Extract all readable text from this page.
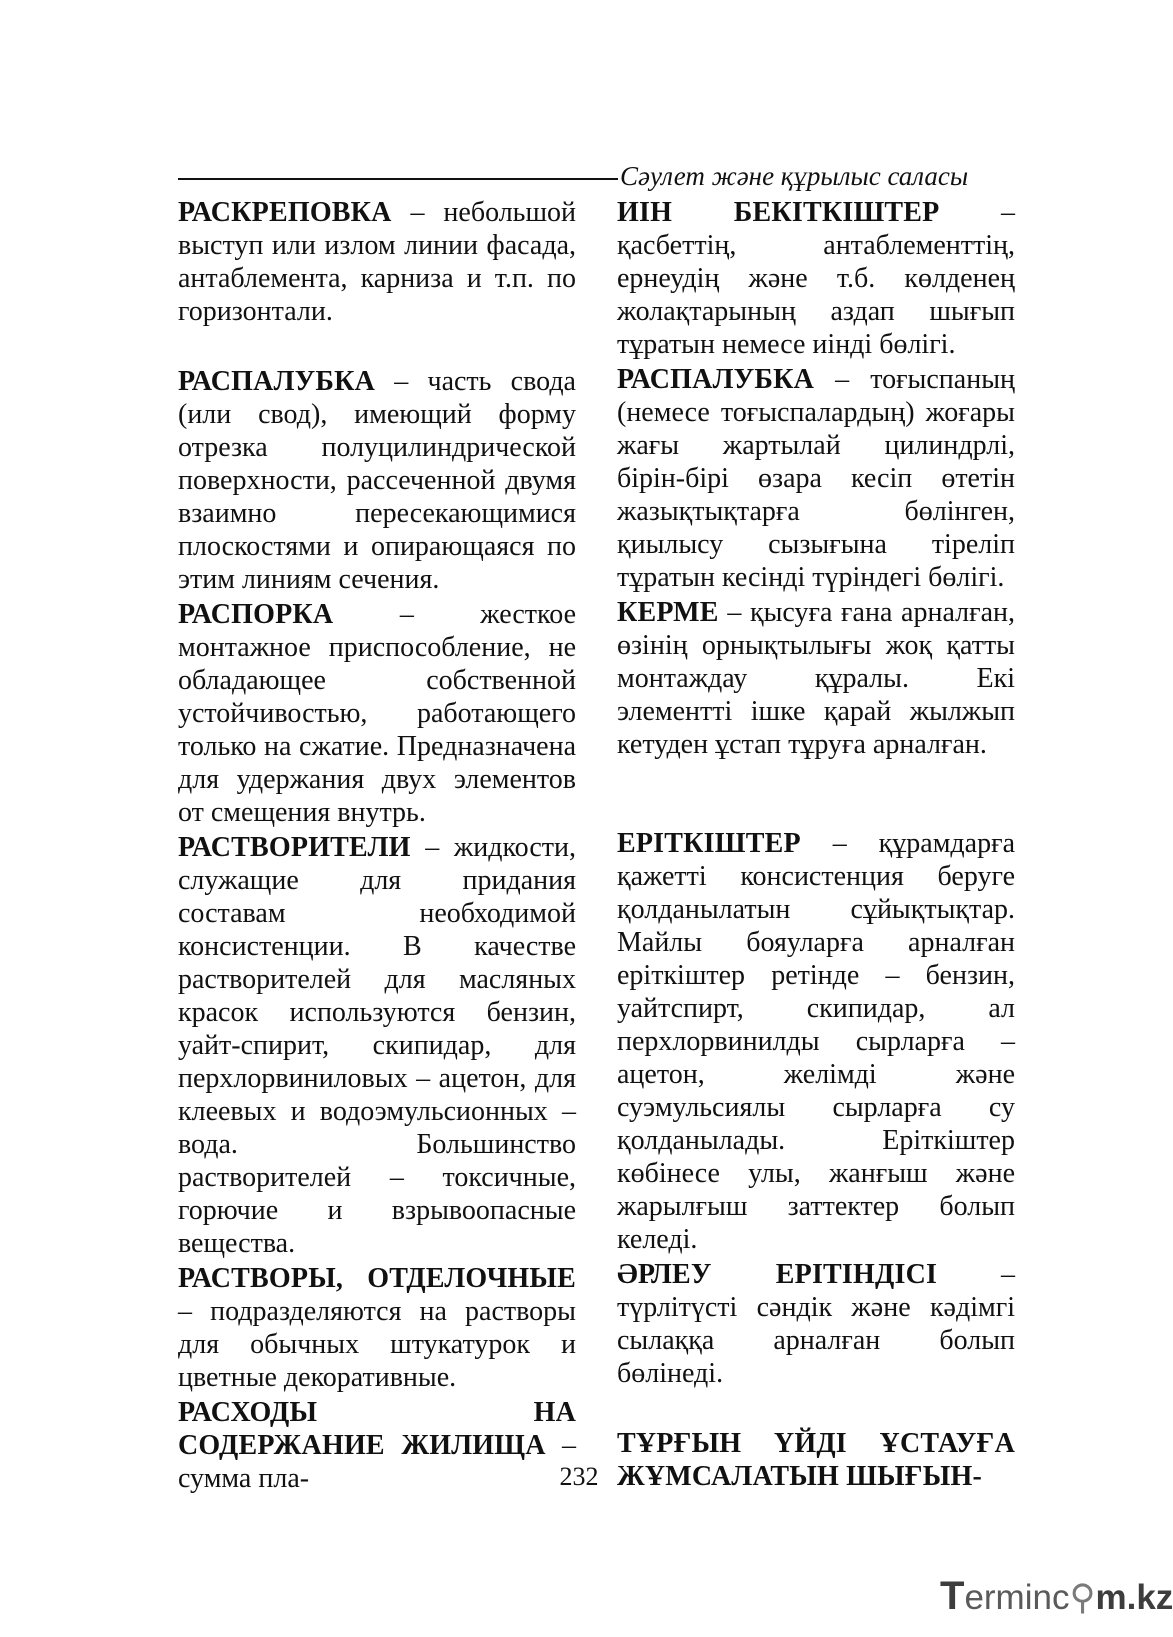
Сәулет және құрылыс саласы
РАСКРЕПОВКА – небольшой выступ или излом линии фасада, антаблемента, карниза и т.п. по горизонтали.
РАСПАЛУБКА – часть свода (или свод), имеющий форму отрезка полуцилиндрической поверхности, рассеченной двумя взаимно пересекающимися плоскостями и опирающаяся по этим линиям сечения.
РАСПОРКА – жесткое монтажное приспособление, не обладающее собственной устойчивостью, работающего только на сжатие. Предназначена для удержания двух элементов от смещения внутрь.
РАСТВОРИТЕЛИ – жидкости, служащие для придания составам необходимой консистенции. В качестве растворителей для масляных красок используются бензин, уайт-спирит, скипидар, для перхлорвиниловых – ацетон, для клеевых и водоэмульсионных – вода. Большинство растворителей – токсичные, горючие и взрывоопасные вещества.
РАСТВОРЫ, ОТДЕЛОЧНЫЕ – подразделяются на растворы для обычных штукатурок и цветные декоративные.
РАСХОДЫ НА СОДЕРЖАНИЕ ЖИЛИЩА – сумма пла-
ИІН БЕКІТКІШТЕР – қасбеттің, антаблементтің, ернеудің және т.б. көлденең жолақтарының аздап шығып тұратын немесе иінді бөлігі.
РАСПАЛУБКА – тоғыспаның (немесе тоғыспалардың) жоғары жағы жартылай цилиндрлі, бірін-бірі өзара кесіп өтетін жазықтықтарға бөлінген, қиылысу сызығына тіреліп тұратын кесінді түріндегі бөлігі.
КЕРМЕ – қысуға ғана арналған, өзінің орнықтылығы жоқ қатты монтаждау құралы. Екі элементті ішке қарай жылжып кетуден ұстап тұруға арналған.
ЕРІТКІШТЕР – құрамдарға қажетті консистенция беруге қолданылатын сұйықтықтар. Майлы бояуларға арналған еріткіштер ретінде – бензин, уайтспирт, скипидар, ал перхлорвинилды сырларға – ацетон, желімді және суэмульсиялы сырларға су қолданылады. Еріткіштер көбінесе улы, жанғыш және жарылғыш заттектер болып келеді.
ӘРЛЕУ ЕРІТІНДІСІ – түрлітүсті сәндік және кәдімгі сылаққа арналған болып бөлінеді.
ТҰРҒЫН ҮЙДІ ҰСТАУҒА ЖҰМСАЛАТЫН ШЫҒЫН-
232
Terminc⚲m.kz
